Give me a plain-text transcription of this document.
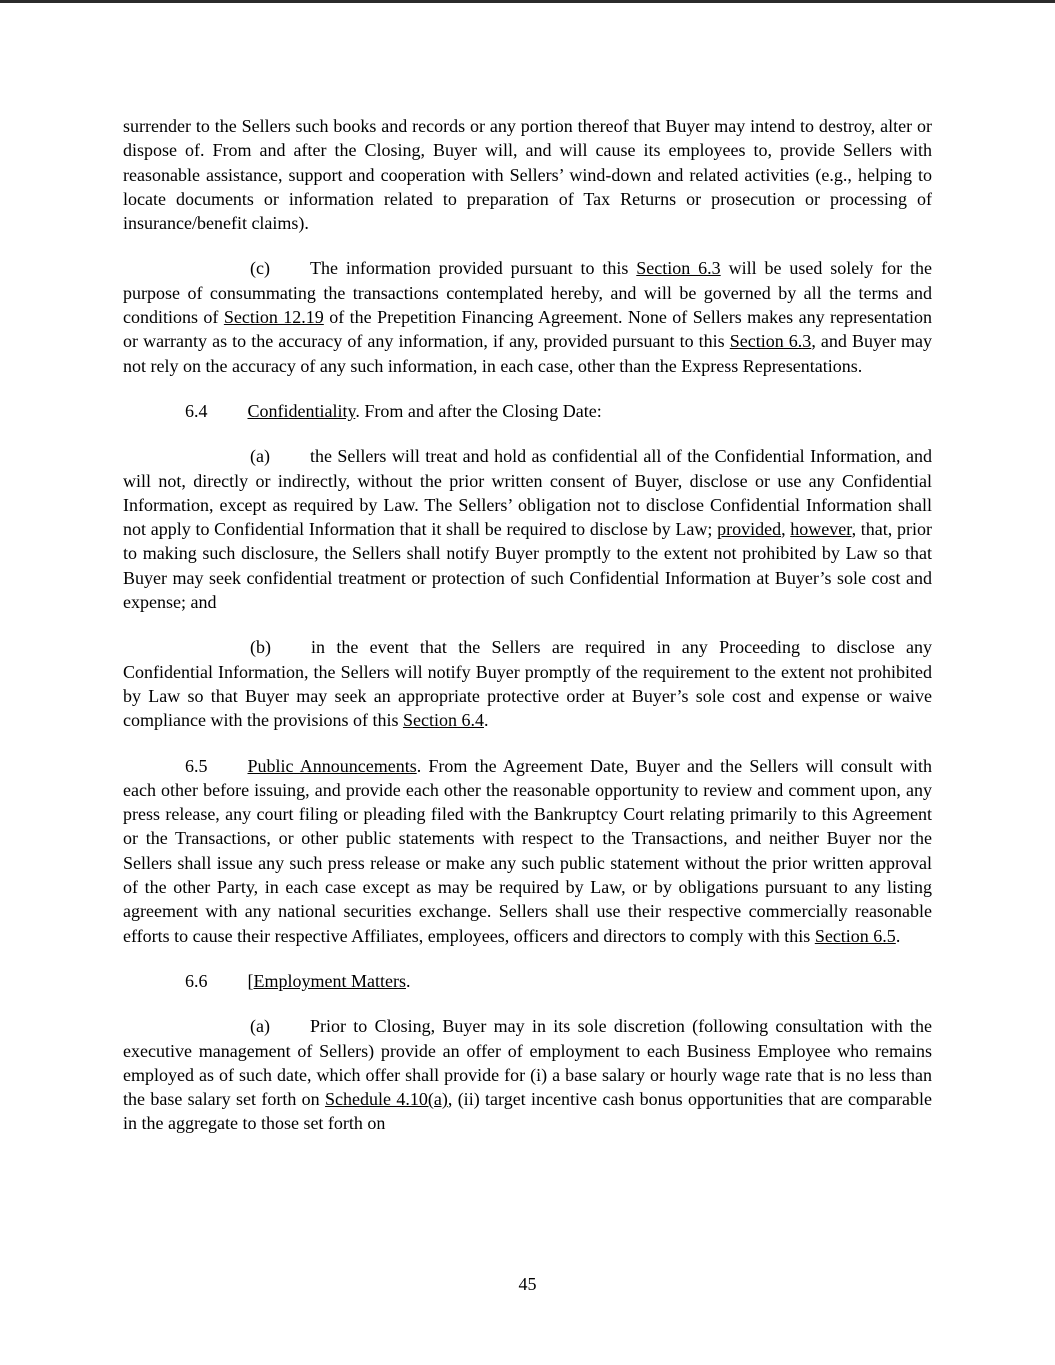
surrender to the Sellers such books and records or any portion thereof that Buyer may intend to destroy, alter or dispose of. From and after the Closing, Buyer will, and will cause its employees to, provide Sellers with reasonable assistance, support and cooperation with Sellers’ wind-down and related activities (e.g., helping to locate documents or information related to preparation of Tax Returns or prosecution or processing of insurance/benefit claims).

(c) The information provided pursuant to this Section 6.3 will be used solely for the purpose of consummating the transactions contemplated hereby, and will be governed by all the terms and conditions of Section 12.19 of the Prepetition Financing Agreement. None of Sellers makes any representation or warranty as to the accuracy of any information, if any, provided pursuant to this Section 6.3, and Buyer may not rely on the accuracy of any such information, in each case, other than the Express Representations.

6.4 Confidentiality. From and after the Closing Date:

(a) the Sellers will treat and hold as confidential all of the Confidential Information, and will not, directly or indirectly, without the prior written consent of Buyer, disclose or use any Confidential Information, except as required by Law. The Sellers’ obligation not to disclose Confidential Information shall not apply to Confidential Information that it shall be required to disclose by Law; provided, however, that, prior to making such disclosure, the Sellers shall notify Buyer promptly to the extent not prohibited by Law so that Buyer may seek confidential treatment or protection of such Confidential Information at Buyer’s sole cost and expense; and

(b) in the event that the Sellers are required in any Proceeding to disclose any Confidential Information, the Sellers will notify Buyer promptly of the requirement to the extent not prohibited by Law so that Buyer may seek an appropriate protective order at Buyer’s sole cost and expense or waive compliance with the provisions of this Section 6.4.

6.5 Public Announcements. From the Agreement Date, Buyer and the Sellers will consult with each other before issuing, and provide each other the reasonable opportunity to review and comment upon, any press release, any court filing or pleading filed with the Bankruptcy Court relating primarily to this Agreement or the Transactions, or other public statements with respect to the Transactions, and neither Buyer nor the Sellers shall issue any such press release or make any such public statement without the prior written approval of the other Party, in each case except as may be required by Law, or by obligations pursuant to any listing agreement with any national securities exchange. Sellers shall use their respective commercially reasonable efforts to cause their respective Affiliates, employees, officers and directors to comply with this Section 6.5.

6.6 [Employment Matters.

(a) Prior to Closing, Buyer may in its sole discretion (following consultation with the executive management of Sellers) provide an offer of employment to each Business Employee who remains employed as of such date, which offer shall provide for (i) a base salary or hourly wage rate that is no less than the base salary set forth on Schedule 4.10(a), (ii) target incentive cash bonus opportunities that are comparable in the aggregate to those set forth on

45
